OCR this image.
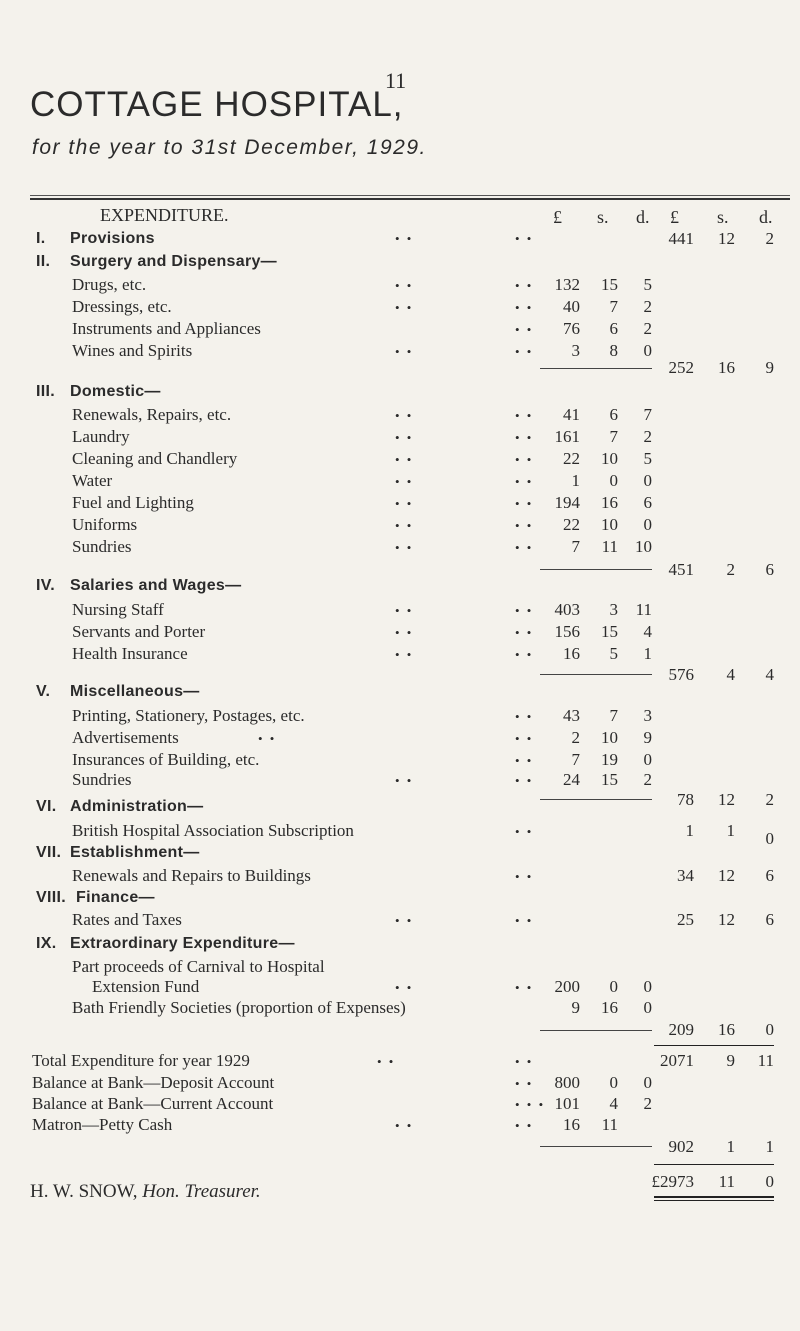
11
COTTAGE HOSPITAL,
for the year to 31st December, 1929.
EXPENDITURE.	£ s. d. £ s. d.
I. Provisions	• •	• •	441	12	2
II. Surgery and Dispensary—
Drugs, etc.	• •	• •	132	15	5
Dressings, etc.	• •	• •	40	7	2
Instruments and Appliances	• •	76	6	2
Wines and Spirits	• •	• •	3	8	0
252	16	9
III. Domestic—
Renewals, Repairs, etc.	• •	• •	41	6	7
Laundry	• •	• •	161	7	2
Cleaning and Chandlery	• •	• •	22	10	5
Water	• •	• •	1	0	0
Fuel and Lighting	• •	• •	194	16	6
Uniforms	• •	• •	22	10	0
Sundries	• •	• •	7	11	10
451	2	6
IV. Salaries and Wages—
Nursing Staff	• •	• •	403	3	11
Servants and Porter	• •	• •	156	15	4
Health Insurance	• •	• •	16	5	1
576	4	4
V. Miscellaneous—
Printing, Stationery, Postages, etc.	• •	43	7	3
Advertisements	• •	• •	2	10	9
Insurances of Building, etc.	• •	7	19	0
Sundries	• •	• •	24	15	2
78	12	2
VI. Administration—
British Hospital Association Subscription	• •	1	1	0
VII. Establishment—
Renewals and Repairs to Buildings	• •	34	12	6
VIII. Finance—
Rates and Taxes	• •	• •	25	12	6
IX. Extraordinary Expenditure—
Part proceeds of Carnival to Hospital
Extension Fund	• •	• •	200	0	0
Bath Friendly Societies (proportion of Expenses)	9	16	0
209	16	0
Total Expenditure for year 1929	• •	• •	2071	9	11
Balance at Bank—Deposit Account	• •	800	0	0
Balance at Bank—Current Account	• • • 101	4	2
Matron—Petty Cash	• •	• •	16	11
902	1	1
£2973	11	0
H. W. SNOW, Hon. Treasurer.
